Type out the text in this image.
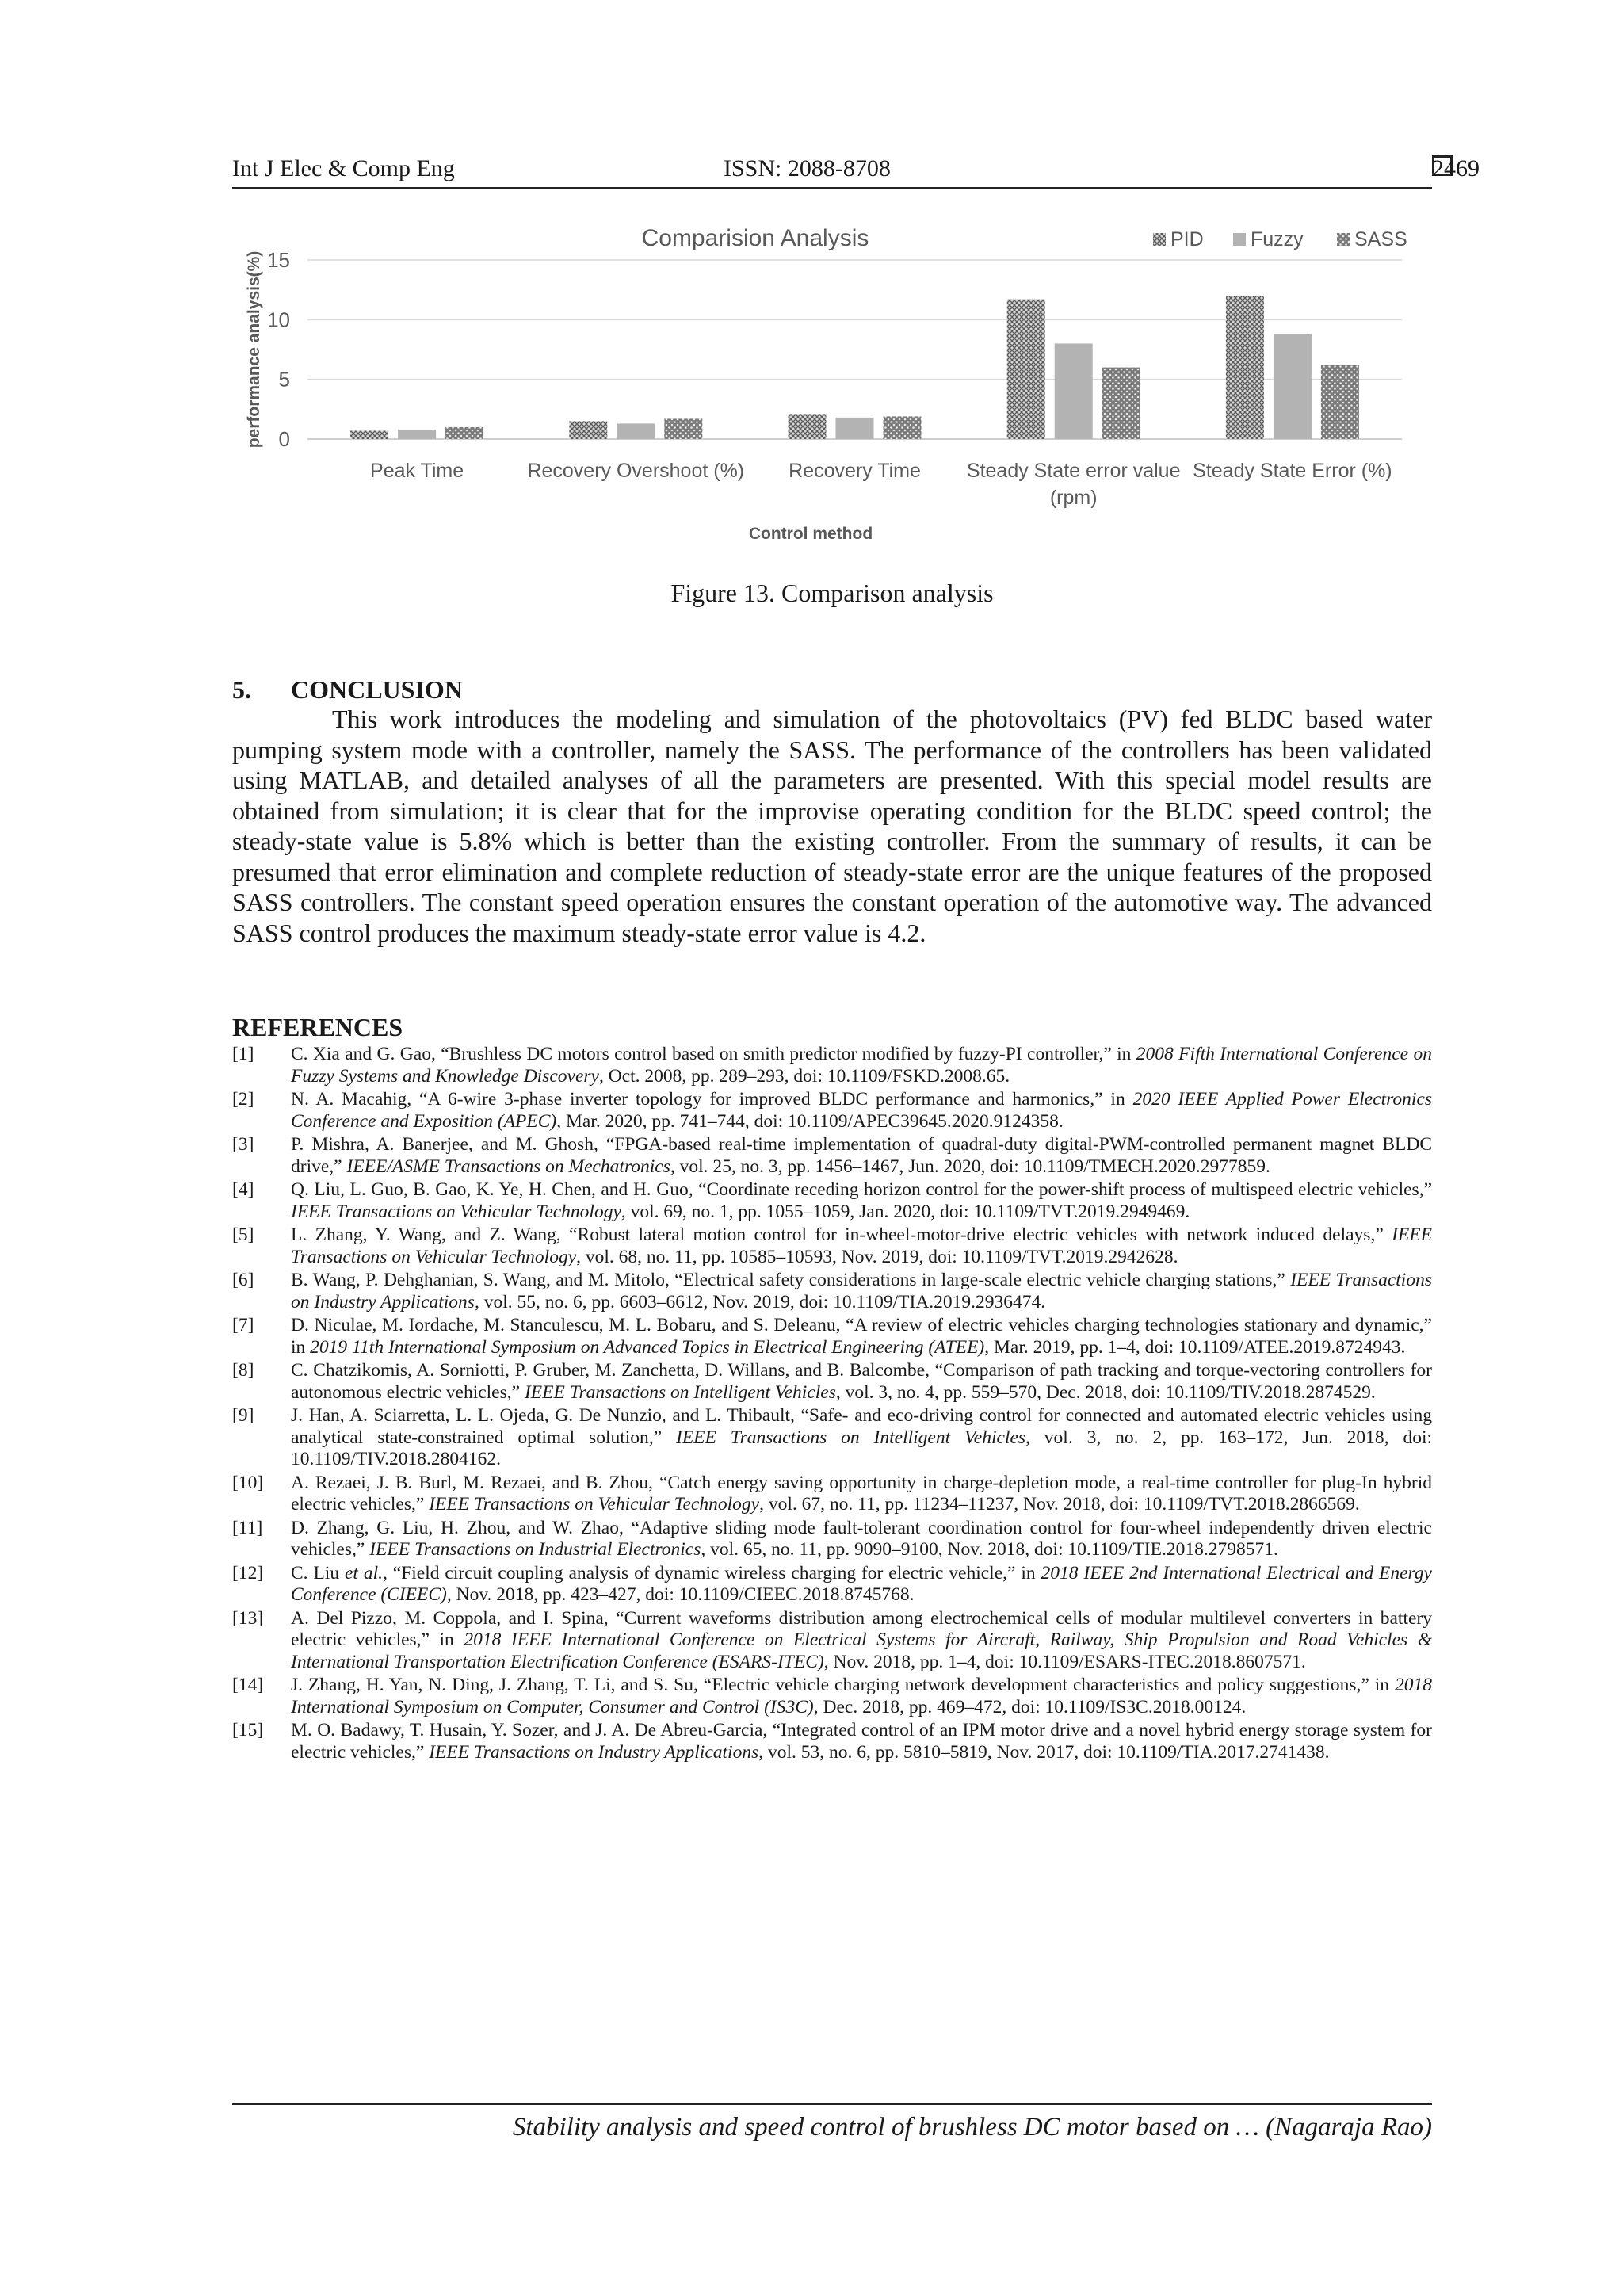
Int J Elec & Comp Eng	ISSN: 2088-8708	2469
0
5
10
15
Comparision Analysis
performance analysis(%)
Control method
Peak Time	Recovery Overshoot (%) Recovery Time Steady State error value
(rpm)
Steady State Error (%)
PID Fuzzy	SASS
Figure 13. Comparison analysis
5. CONCLUSION

This work introduces the modeling and simulation of the photovoltaics (PV) fed BLDC based water pumping system mode with a controller, namely the SASS. The performance of the controllers has been validated using MATLAB, and detailed analyses of all the parameters are presented. With this special model results are obtained from simulation; it is clear that for the improvise operating condition for the BLDC speed control; the steady-state value is 5.8% which is better than the existing controller. From the summary of results, it can be presumed that error elimination and complete reduction of steady-state error are the unique features of the proposed SASS controllers. The constant speed operation ensures the constant operation of the automotive way. The advanced SASS control produces the maximum steady-state error value is 4.2.

REFERENCES
[1] C. Xia and G. Gao, “Brushless DC motors control based on smith predictor modified by fuzzy-PI controller,” in 2008 Fifth International Conference on Fuzzy Systems and Knowledge Discovery, Oct. 2008, pp. 289–293, doi: 10.1109/FSKD.2008.65.
[2] N. A. Macahig, “A 6-wire 3-phase inverter topology for improved BLDC performance and harmonics,” in 2020 IEEE Applied Power Electronics Conference and Exposition (APEC), Mar. 2020, pp. 741–744, doi: 10.1109/APEC39645.2020.9124358.
[3] P. Mishra, A. Banerjee, and M. Ghosh, “FPGA-based real-time implementation of quadral-duty digital-PWM-controlled permanent magnet BLDC drive,” IEEE/ASME Transactions on Mechatronics, vol. 25, no. 3, pp. 1456–1467, Jun. 2020, doi: 10.1109/TMECH.2020.2977859.
[4] Q. Liu, L. Guo, B. Gao, K. Ye, H. Chen, and H. Guo, “Coordinate receding horizon control for the power-shift process of multispeed electric vehicles,” IEEE Transactions on Vehicular Technology, vol. 69, no. 1, pp. 1055–1059, Jan. 2020, doi: 10.1109/TVT.2019.2949469.
[5] L. Zhang, Y. Wang, and Z. Wang, “Robust lateral motion control for in-wheel-motor-drive electric vehicles with network induced delays,” IEEE Transactions on Vehicular Technology, vol. 68, no. 11, pp. 10585–10593, Nov. 2019, doi: 10.1109/TVT.2019.2942628.
[6] B. Wang, P. Dehghanian, S. Wang, and M. Mitolo, “Electrical safety considerations in large-scale electric vehicle charging stations,” IEEE Transactions on Industry Applications, vol. 55, no. 6, pp. 6603–6612, Nov. 2019, doi: 10.1109/TIA.2019.2936474.
[7] D. Niculae, M. Iordache, M. Stanculescu, M. L. Bobaru, and S. Deleanu, “A review of electric vehicles charging technologies stationary and dynamic,” in 2019 11th International Symposium on Advanced Topics in Electrical Engineering (ATEE), Mar. 2019, pp. 1–4, doi: 10.1109/ATEE.2019.8724943.
[8] C. Chatzikomis, A. Sorniotti, P. Gruber, M. Zanchetta, D. Willans, and B. Balcombe, “Comparison of path tracking and torque-vectoring controllers for autonomous electric vehicles,” IEEE Transactions on Intelligent Vehicles, vol. 3, no. 4, pp. 559–570, Dec. 2018, doi: 10.1109/TIV.2018.2874529.
[9] J. Han, A. Sciarretta, L. L. Ojeda, G. De Nunzio, and L. Thibault, “Safe- and eco-driving control for connected and automated electric vehicles using analytical state-constrained optimal solution,” IEEE Transactions on Intelligent Vehicles, vol. 3, no. 2, pp. 163–172, Jun. 2018, doi: 10.1109/TIV.2018.2804162.
[10] A. Rezaei, J. B. Burl, M. Rezaei, and B. Zhou, “Catch energy saving opportunity in charge-depletion mode, a real-time controller for plug-In hybrid electric vehicles,” IEEE Transactions on Vehicular Technology, vol. 67, no. 11, pp. 11234–11237, Nov. 2018, doi: 10.1109/TVT.2018.2866569.
[11] D. Zhang, G. Liu, H. Zhou, and W. Zhao, “Adaptive sliding mode fault-tolerant coordination control for four-wheel independently driven electric vehicles,” IEEE Transactions on Industrial Electronics, vol. 65, no. 11, pp. 9090–9100, Nov. 2018, doi: 10.1109/TIE.2018.2798571.
[12] C. Liu et al., “Field circuit coupling analysis of dynamic wireless charging for electric vehicle,” in 2018 IEEE 2nd International Electrical and Energy Conference (CIEEC), Nov. 2018, pp. 423–427, doi: 10.1109/CIEEC.2018.8745768.
[13] A. Del Pizzo, M. Coppola, and I. Spina, “Current waveforms distribution among electrochemical cells of modular multilevel converters in battery electric vehicles,” in 2018 IEEE International Conference on Electrical Systems for Aircraft, Railway, Ship Propulsion and Road Vehicles & International Transportation Electrification Conference (ESARS-ITEC), Nov. 2018, pp. 1–4, doi: 10.1109/ESARS-ITEC.2018.8607571.
[14] J. Zhang, H. Yan, N. Ding, J. Zhang, T. Li, and S. Su, “Electric vehicle charging network development characteristics and policy suggestions,” in 2018 International Symposium on Computer, Consumer and Control (IS3C), Dec. 2018, pp. 469–472, doi: 10.1109/IS3C.2018.00124.
[15] M. O. Badawy, T. Husain, Y. Sozer, and J. A. De Abreu-Garcia, “Integrated control of an IPM motor drive and a novel hybrid energy storage system for electric vehicles,” IEEE Transactions on Industry Applications, vol. 53, no. 6, pp. 5810–5819, Nov. 2017, doi: 10.1109/TIA.2017.2741438.
Stability analysis and speed control of brushless DC motor based on … (Nagaraja Rao)
